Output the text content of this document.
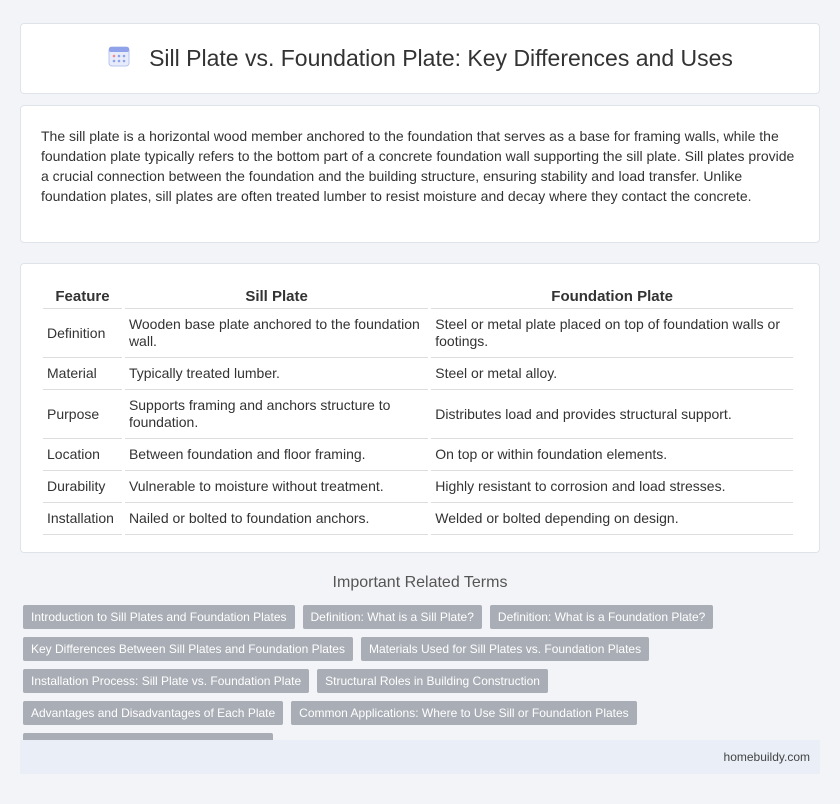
Sill Plate vs. Foundation Plate: Key Differences and Uses

The sill plate is a horizontal wood member anchored to the foundation that serves as a base for framing walls, while the foundation plate typically refers to the bottom part of a concrete foundation wall supporting the sill plate. Sill plates provide a crucial connection between the foundation and the building structure, ensuring stability and load transfer. Unlike foundation plates, sill plates are often treated lumber to resist moisture and decay where they contact the concrete.

Feature	Sill Plate	Foundation Plate
Definition	Wooden base plate anchored to the foundation wall.	Steel or metal plate placed on top of foundation walls or footings.
Material	Typically treated lumber.	Steel or metal alloy.
Purpose	Supports framing and anchors structure to foundation.	Distributes load and provides structural support.
Location	Between foundation and floor framing.	On top or within foundation elements.
Durability	Vulnerable to moisture without treatment.	Highly resistant to corrosion and load stresses.
Installation	Nailed or bolted to foundation anchors.	Welded or bolted depending on design.
Important Related Terms
Introduction to Sill Plates and Foundation Plates	Definition: What is a Sill Plate?	Definition: What is a Foundation Plate?
Key Differences Between Sill Plates and Foundation Plates	Materials Used for Sill Plates vs. Foundation Plates
Installation Process: Sill Plate vs. Foundation Plate	Structural Roles in Building Construction
Advantages and Disadvantages of Each Plate	Common Applications: Where to Use Sill or Foundation Plates
homebuildy.com
